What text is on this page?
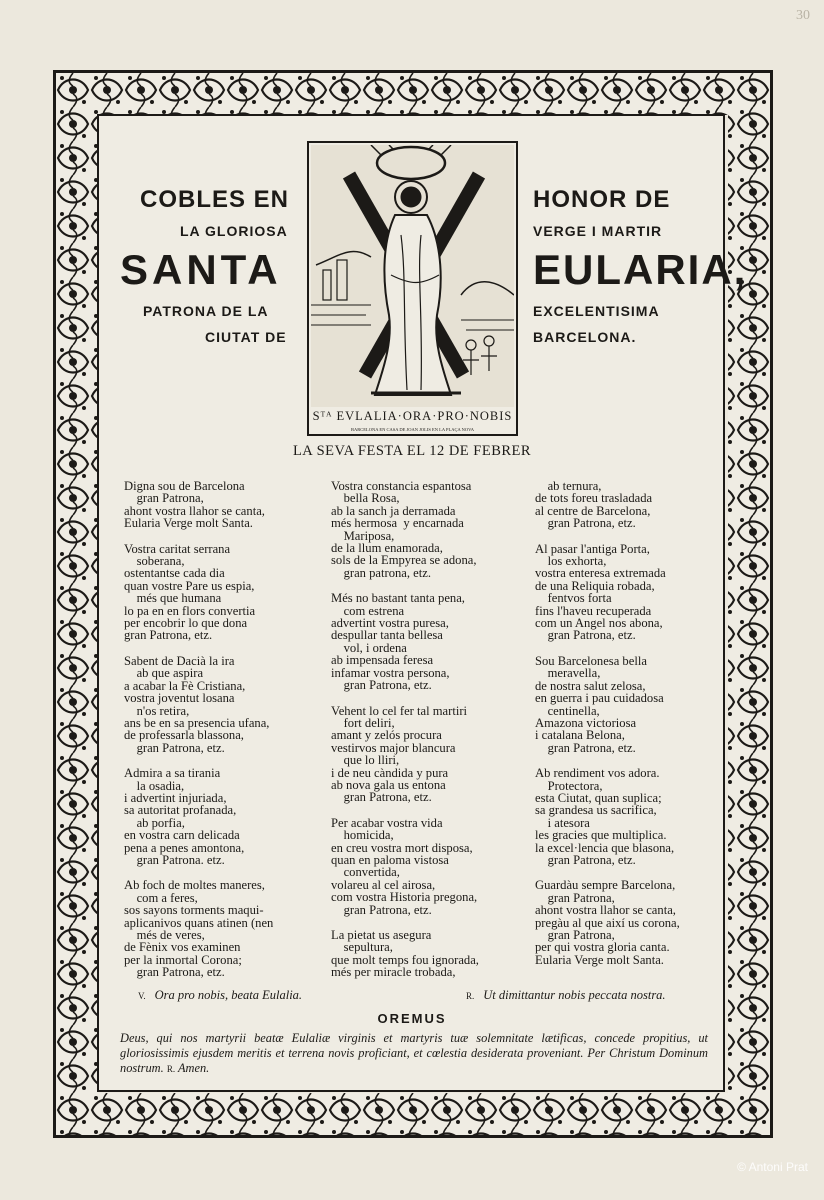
30
COBLES EN
LA GLORIOSA
SANTA
PATRONA DE LA
CIUTAT DE
HONOR DE
VERGE I MARTIR
EULARIA,
EXCELENTISIMA
BARCELONA.
Sᵀᴬ EVLALIA·ORA·PRO·NOBIS
BARCELONA EN CASA DE JOAN JOLIS EN LA PLAÇA NOVA
LA SEVA FESTA EL 12 DE FEBRER
Digna sou de Barcelona
gran Patrona,
ahont vostra llahor se canta,
Eularia Verge molt Santa.
Vostra caritat serrana
soberana,
ostentantse cada dia
quan vostre Pare us espia,
més que humana
lo pa en en flors convertia
per encobrir lo que dona
gran Patrona, etz.
Sabent de Dacià la ira
ab que aspira
a acabar la Fè Cristiana,
vostra joventut losana
n'os retira,
ans be en sa presencia ufana,
de professarla blassona,
gran Patrona, etz.
Admira a sa tirania
la osadia,
i advertint injuriada,
sa autoritat profanada,
ab porfia,
en vostra carn delicada
pena a penes amontona,
gran Patrona. etz.
Ab foch de moltes maneres,
com a feres,
sos sayons torments maqui-
aplicanivos quans atinen (nen
més de veres,
de Fènix vos examinen
per la inmortal Corona;
gran Patrona, etz.
Vostra constancia espantosa
bella Rosa,
ab la sanch ja derramada
més hermosa  y encarnada
Mariposa,
de la llum enamorada,
sols de la Empyrea se adona,
gran patrona, etz.
Més no bastant tanta pena,
com estrena
advertint vostra puresa,
despullar tanta bellesa
vol, i ordena
ab impensada feresa
infamar vostra persona,
gran Patrona, etz.
Vehent lo cel fer tal martiri
fort deliri,
amant y zelós procura
vestirvos major blancura
que lo lliri,
i de neu càndida y pura
ab nova gala us entona
gran Patrona, etz.
Per acabar vostra vida
homicida,
en creu vostra mort disposa,
quan en paloma vistosa
convertida,
volareu al cel airosa,
com vostra Historia pregona,
gran Patrona, etz.
La pietat us asegura
sepultura,
que molt temps fou ignorada,
més per miracle trobada,
ab ternura,
de tots foreu trasladada
al centre de Barcelona,
gran Patrona, etz.
Al pasar l'antiga Porta,
los exhorta,
vostra enteresa extremada
de una Reliquia robada,
fentvos forta
fins l'haveu recuperada
com un Angel nos abona,
gran Patrona, etz.
Sou Barcelonesa bella
meravella,
de nostra salut zelosa,
en guerra i pau cuidadosa
centinella,
Amazona victoriosa
i catalana Belona,
gran Patrona, etz.
Ab rendiment vos adora.
Protectora,
esta Ciutat, quan suplica;
sa grandesa us sacrifica,
i atesora
les gracies que multiplica.
la excel·lencia que blasona,
gran Patrona, etz.
Guardàu sempre Barcelona,
gran Patrona,
ahont vostra llahor se canta,
pregàu al que així us corona,
gran Patrona,
per qui vostra gloria canta.
Eularia Verge molt Santa.
V. Ora pro nobis, beata Eulalia.	R. Ut dimittantur nobis peccata nostra.
OREMUS
Deus, qui nos martyrii beatæ Eulaliæ virginis et martyris tuæ solemnitate lætificas, concede propitius, ut gloriosissimis ejusdem meritis et terrena novis proficiant, et cœlestia desiderata proveniant. Per Christum Dominum nostrum. R. Amen.
© Antoni Prat
